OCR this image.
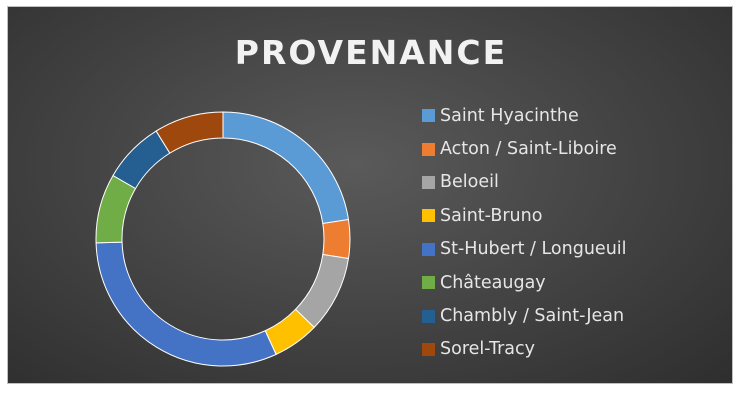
PROVENANCE
Saint Hyacinthe
Acton / Saint-Liboire
Beloeil
Saint-Bruno
St-Hubert / Longueuil
Châteaugay
Chambly / Saint-Jean
Sorel-Tracy
